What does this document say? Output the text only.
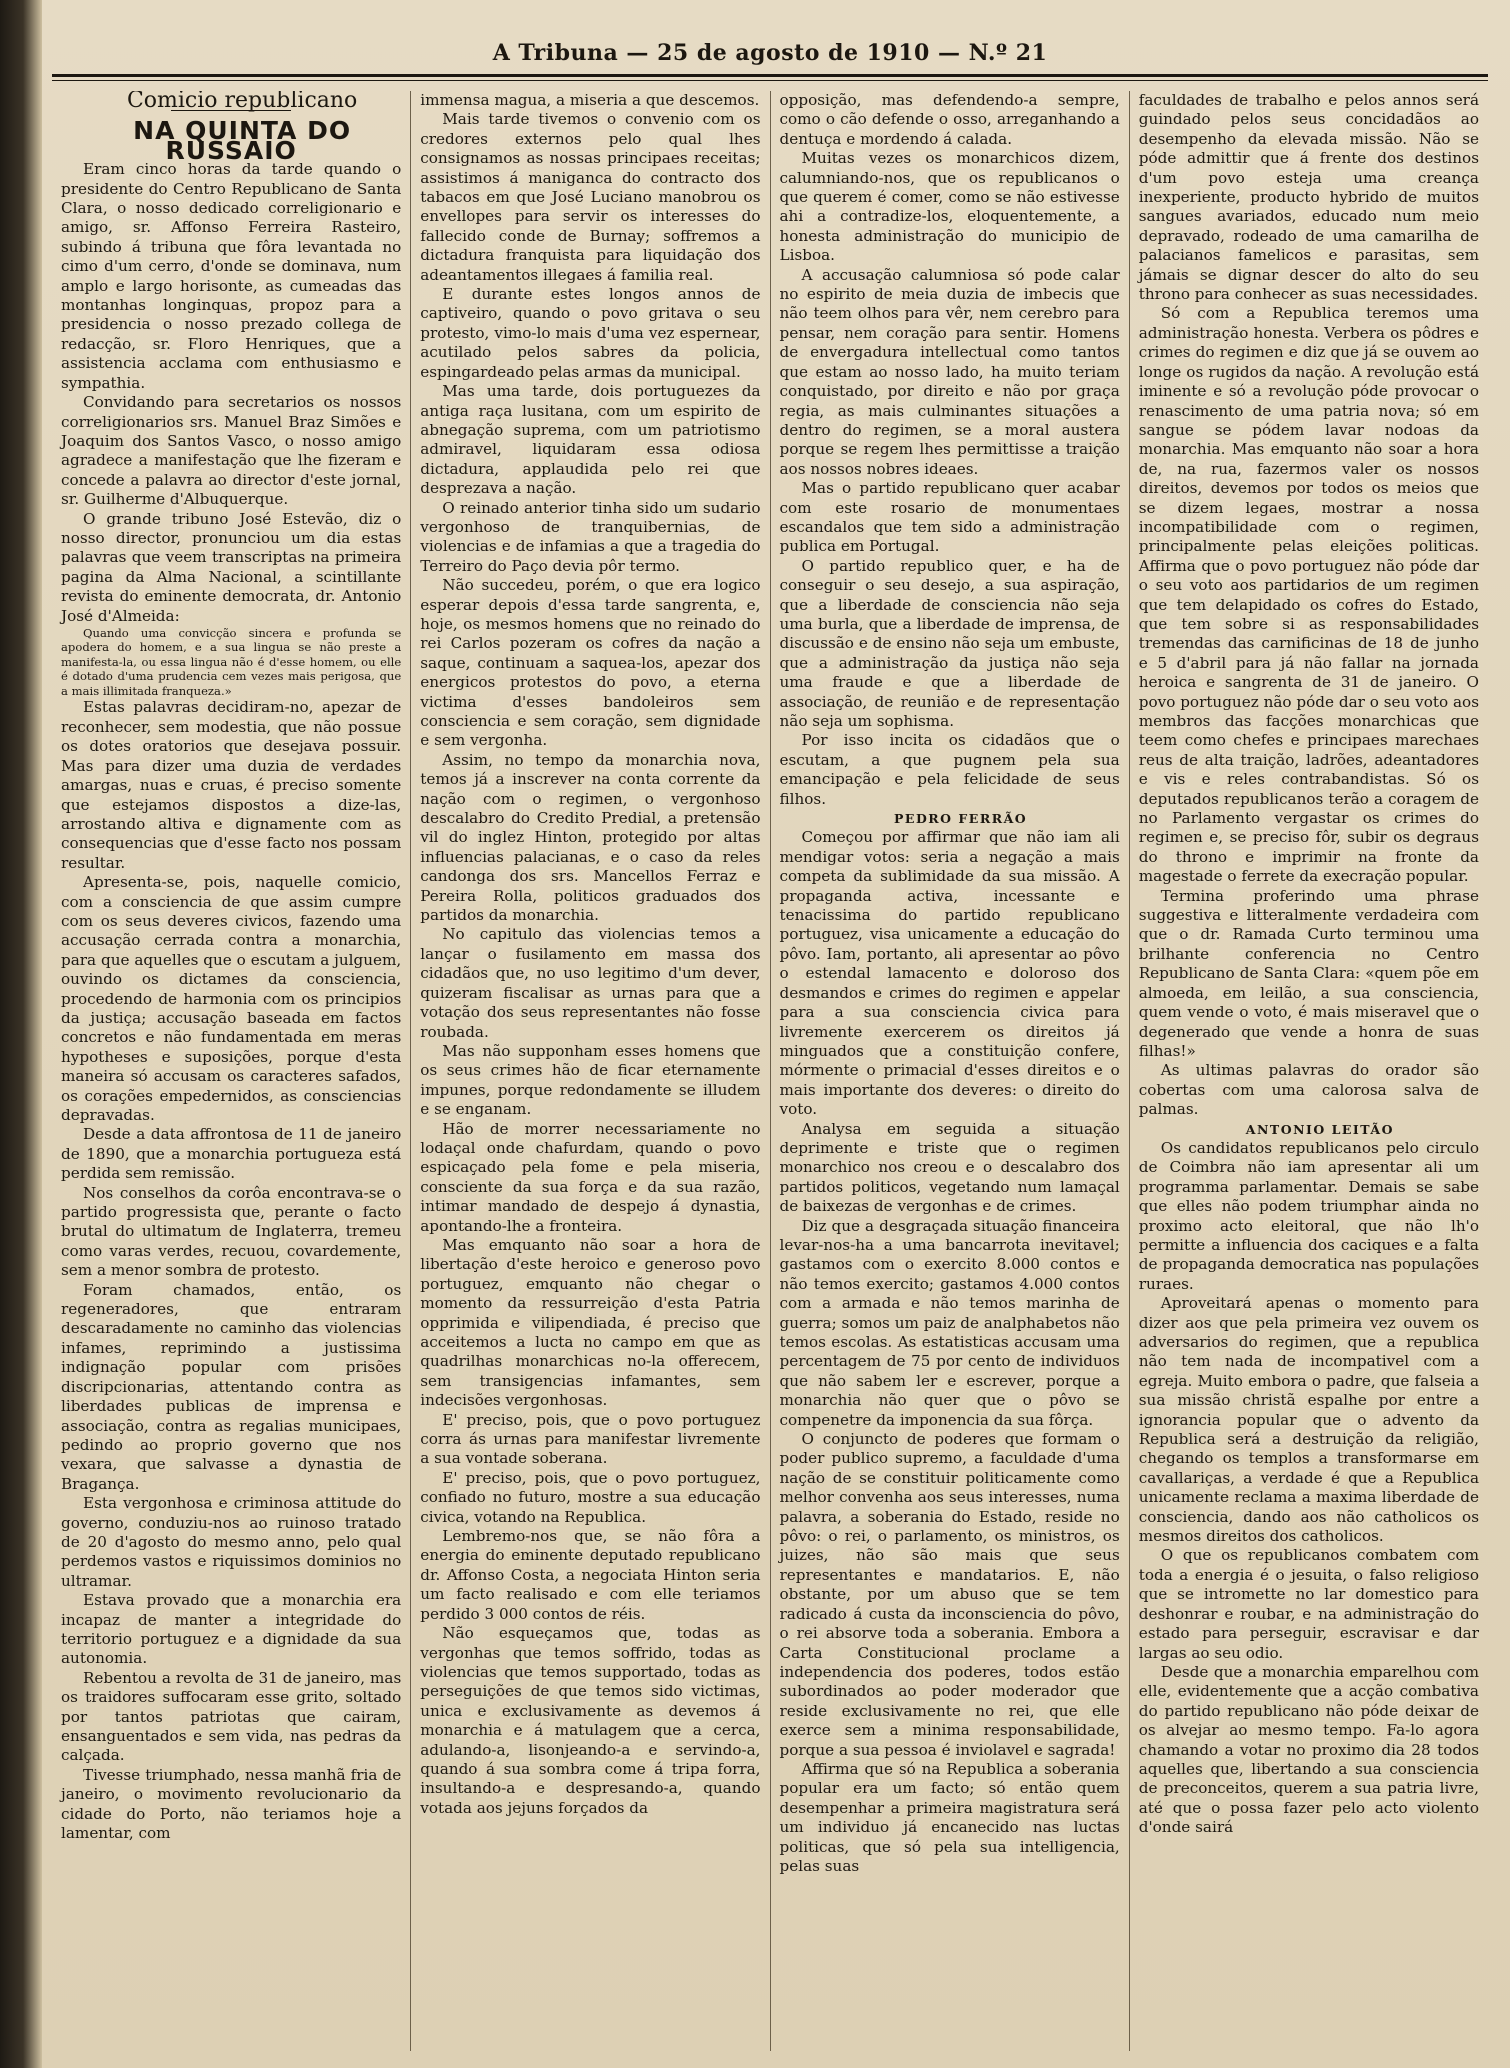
A Tribuna — 25 de agosto de 1910 — N.º 21

Comicio republicano

NA QUINTA DO RUSSAIO

Eram cinco horas da tarde quando o presidente do Centro Republicano de Santa Clara, o nosso dedicado correligionario e amigo, sr. Affonso Ferreira Rasteiro, subindo á tribuna que fôra levantada no cimo d'um cerro, d'onde se dominava, num amplo e largo horisonte, as cumeadas das montanhas longinquas, propoz para a presidencia o nosso prezado collega de redacção, sr. Floro Henriques, que a assistencia acclama com enthusiasmo e sympathia.

Convidando para secretarios os nossos correligionarios srs. Manuel Braz Simões e Joaquim dos Santos Vasco, o nosso amigo agradece a manifestação que lhe fizeram e concede a palavra ao director d'este jornal, sr. Guilherme d'Albuquerque.

O grande tribuno José Estevão, diz o nosso director, pronunciou um dia estas palavras que veem transcriptas na primeira pagina da Alma Nacional, a scintillante revista do eminente democrata, dr. Antonio José d'Almeida:

Quando uma convicção sincera e profunda se apodera do homem, e a sua lingua se não preste a manifesta-la, ou essa lingua não é d'esse homem, ou elle é dotado d'uma prudencia cem vezes mais perigosa, que a mais illimitada franqueza.»

Estas palavras decidiram-no, apezar de reconhecer, sem modestia, que não possue os dotes oratorios que desejava possuir. Mas para dizer uma duzia de verdades amargas, nuas e cruas, é preciso somente que estejamos dispostos a dize-las, arrostando altiva e dignamente com as consequencias que d'esse facto nos possam resultar.

Apresenta-se, pois, naquelle comicio, com a consciencia de que assim cumpre com os seus deveres civicos, fazendo uma accusação cerrada contra a monarchia, para que aquelles que o escutam a julguem, ouvindo os dictames da consciencia, procedendo de harmonia com os principios da justiça; accusação baseada em factos concretos e não fundamentada em meras hypotheses e suposições, porque d'esta maneira só accusam os caracteres safados, os corações empedernidos, as consciencias depravadas.

Desde a data affrontosa de 11 de janeiro de 1890, que a monarchia portugueza está perdida sem remissão.

Nos conselhos da corôa encontrava-se o partido progressista que, perante o facto brutal do ultimatum de Inglaterra, tremeu como varas verdes, recuou, covardemente, sem a menor sombra de protesto.

Foram chamados, então, os regeneradores, que entraram descaradamente no caminho das violencias infames, reprimindo a justissima indignação popular com prisões discripcionarias, attentando contra as liberdades publicas de imprensa e associação, contra as regalias municipaes, pedindo ao proprio governo que nos vexara, que salvasse a dynastia de Bragança.

Esta vergonhosa e criminosa attitude do governo, conduziu-nos ao ruinoso tratado de 20 d'agosto do mesmo anno, pelo qual perdemos vastos e riquissimos dominios no ultramar.

Estava provado que a monarchia era incapaz de manter a integridade do territorio portuguez e a dignidade da sua autonomia.

Rebentou a revolta de 31 de janeiro, mas os traidores suffocaram esse grito, soltado por tantos patriotas que cairam, ensanguentados e sem vida, nas pedras da calçada.

Tivesse triumphado, nessa manhã fria de janeiro, o movimento revolucionario da cidade do Porto, não teriamos hoje a lamentar, com

immensa magua, a miseria a que descemos.

Mais tarde tivemos o convenio com os credores externos pelo qual lhes consignamos as nossas principaes receitas; assistimos á maniganca do contracto dos tabacos em que José Luciano manobrou os envellopes para servir os interesses do fallecido conde de Burnay; soffremos a dictadura franquista para liquidação dos adeantamentos illegaes á familia real.

E durante estes longos annos de captiveiro, quando o povo gritava o seu protesto, vimo-lo mais d'uma vez espernear, acutilado pelos sabres da policia, espingardeado pelas armas da municipal.

Mas uma tarde, dois portuguezes da antiga raça lusitana, com um espirito de abnegação suprema, com um patriotismo admiravel, liquidaram essa odiosa dictadura, applaudida pelo rei que desprezava a nação.

O reinado anterior tinha sido um sudario vergonhoso de tranquibernias, de violencias e de infamias a que a tragedia do Terreiro do Paço devia pôr termo.

Não succedeu, porém, o que era logico esperar depois d'essa tarde sangrenta, e, hoje, os mesmos homens que no reinado do rei Carlos pozeram os cofres da nação a saque, continuam a saquea-los, apezar dos energicos protestos do povo, a eterna victima d'esses bandoleiros sem consciencia e sem coração, sem dignidade e sem vergonha.

Assim, no tempo da monarchia nova, temos já a inscrever na conta corrente da nação com o regimen, o vergonhoso descalabro do Credito Predial, a pretensão vil do inglez Hinton, protegido por altas influencias palacianas, e o caso da reles candonga dos srs. Mancellos Ferraz e Pereira Rolla, politicos graduados dos partidos da monarchia.

No capitulo das violencias temos a lançar o fusilamento em massa dos cidadãos que, no uso legitimo d'um dever, quizeram fiscalisar as urnas para que a votação dos seus representantes não fosse roubada.

Mas não supponham esses homens que os seus crimes hão de ficar eternamente impunes, porque redondamente se illudem e se enganam.

Hão de morrer necessariamente no lodaçal onde chafurdam, quando o povo espicaçado pela fome e pela miseria, consciente da sua força e da sua razão, intimar mandado de despejo á dynastia, apontando-lhe a fronteira.

Mas emquanto não soar a hora de libertação d'este heroico e generoso povo portuguez, emquanto não chegar o momento da ressurreição d'esta Patria opprimida e vilipendiada, é preciso que acceitemos a lucta no campo em que as quadrilhas monarchicas no-la offerecem, sem transigencias infamantes, sem indecisões vergonhosas.

E' preciso, pois, que o povo portuguez corra ás urnas para manifestar livremente a sua vontade soberana.

E' preciso, pois, que o povo portuguez, confiado no futuro, mostre a sua educação civica, votando na Republica.

Lembremo-nos que, se não fôra a energia do eminente deputado republicano dr. Affonso Costa, a negociata Hinton seria um facto realisado e com elle teriamos perdido 3 000 contos de réis.

Não esqueçamos que, todas as vergonhas que temos soffrido, todas as violencias que temos supportado, todas as perseguições de que temos sido victimas, unica e exclusivamente as devemos á monarchia e á matulagem que a cerca, adulando-a, lisonjeando-a e servindo-a, quando á sua sombra come á tripa forra, insultando-a e despresando-a, quando votada aos jejuns forçados da

opposição, mas defendendo-a sempre, como o cão defende o osso, arreganhando a dentuça e mordendo á calada.

Muitas vezes os monarchicos dizem, calumniando-nos, que os republicanos o que querem é comer, como se não estivesse ahi a contradize-los, eloquentemente, a honesta administração do municipio de Lisboa.

A accusação calumniosa só pode calar no espirito de meia duzia de imbecis que não teem olhos para vêr, nem cerebro para pensar, nem coração para sentir. Homens de envergadura intellectual como tantos que estam ao nosso lado, ha muito teriam conquistado, por direito e não por graça regia, as mais culminantes situações a dentro do regimen, se a moral austera porque se regem lhes permittisse a traição aos nossos nobres ideaes.

Mas o partido republicano quer acabar com este rosario de monumentaes escandalos que tem sido a administração publica em Portugal.

O partido republico quer, e ha de conseguir o seu desejo, a sua aspiração, que a liberdade de consciencia não seja uma burla, que a liberdade de imprensa, de discussão e de ensino não seja um embuste, que a administração da justiça não seja uma fraude e que a liberdade de associação, de reunião e de representação não seja um sophisma.

Por isso incita os cidadãos que o escutam, a que pugnem pela sua emancipação e pela felicidade de seus filhos.

PEDRO FERRÃO

Começou por affirmar que não iam ali mendigar votos: seria a negação a mais competa da sublimidade da sua missão. A propaganda activa, incessante e tenacissima do partido republicano portuguez, visa unicamente a educação do pôvo. Iam, portanto, ali apresentar ao pôvo o estendal lamacento e doloroso dos desmandos e crimes do regimen e appelar para a sua consciencia civica para livremente exercerem os direitos já minguados que a constituição confere, mórmente o primacial d'esses direitos e o mais importante dos deveres: o direito do voto.

Analysa em seguida a situação deprimente e triste que o regimen monarchico nos creou e o descalabro dos partidos politicos, vegetando num lamaçal de baixezas de vergonhas e de crimes.

Diz que a desgraçada situação financeira levar-nos-ha a uma bancarrota inevitavel; gastamos com o exercito 8.000 contos e não temos exercito; gastamos 4.000 contos com a armada e não temos marinha de guerra; somos um paiz de analphabetos não temos escolas. As estatisticas accusam uma percentagem de 75 por cento de individuos que não sabem ler e escrever, porque a monarchia não quer que o pôvo se compenetre da imponencia da sua fôrça.

O conjuncto de poderes que formam o poder publico supremo, a faculdade d'uma nação de se constituir politicamente como melhor convenha aos seus interesses, numa palavra, a soberania do Estado, reside no pôvo: o rei, o parlamento, os ministros, os juizes, não são mais que seus representantes e mandatarios. E, não obstante, por um abuso que se tem radicado á custa da inconsciencia do pôvo, o rei absorve toda a soberania. Embora a Carta Constitucional proclame a independencia dos poderes, todos estão subordinados ao poder moderador que reside exclusivamente no rei, que elle exerce sem a minima responsabilidade, porque a sua pessoa é inviolavel e sagrada!

Affirma que só na Republica a soberania popular era um facto; só então quem desempenhar a primeira magistratura será um individuo já encanecido nas luctas politicas, que só pela sua intelligencia, pelas suas

faculdades de trabalho e pelos annos será guindado pelos seus concidadãos ao desempenho da elevada missão. Não se póde admittir que á frente dos destinos d'um povo esteja uma creança inexperiente, producto hybrido de muitos sangues avariados, educado num meio depravado, rodeado de uma camarilha de palacianos famelicos e parasitas, sem jámais se dignar descer do alto do seu throno para conhecer as suas necessidades.

Só com a Republica teremos uma administração honesta. Verbera os pôdres e crimes do regimen e diz que já se ouvem ao longe os rugidos da nação. A revolução está iminente e só a revolução póde provocar o renascimento de uma patria nova; só em sangue se pódem lavar nodoas da monarchia. Mas emquanto não soar a hora de, na rua, fazermos valer os nossos direitos, devemos por todos os meios que se dizem legaes, mostrar a nossa incompatibilidade com o regimen, principalmente pelas eleições politicas. Affirma que o povo portuguez não póde dar o seu voto aos partidarios de um regimen que tem delapidado os cofres do Estado, que tem sobre si as responsabilidades tremendas das carnificinas de 18 de junho e 5 d'abril para já não fallar na jornada heroica e sangrenta de 31 de janeiro. O povo portuguez não póde dar o seu voto aos membros das facções monarchicas que teem como chefes e principaes marechaes reus de alta traição, ladrões, adeantadores e vis e reles contrabandistas. Só os deputados republicanos terão a coragem de no Parlamento vergastar os crimes do regimen e, se preciso fôr, subir os degraus do throno e imprimir na fronte da magestade o ferrete da execração popular.

Termina proferindo uma phrase suggestiva e litteralmente verdadeira com que o dr. Ramada Curto terminou uma brilhante conferencia no Centro Republicano de Santa Clara: «quem põe em almoeda, em leilão, a sua consciencia, quem vende o voto, é mais miseravel que o degenerado que vende a honra de suas filhas!»

As ultimas palavras do orador são cobertas com uma calorosa salva de palmas.

ANTONIO LEITÃO

Os candidatos republicanos pelo circulo de Coimbra não iam apresentar ali um programma parlamentar. Demais se sabe que elles não podem triumphar ainda no proximo acto eleitoral, que não lh'o permitte a influencia dos caciques e a falta de propaganda democratica nas populações ruraes.

Aproveitará apenas o momento para dizer aos que pela primeira vez ouvem os adversarios do regimen, que a republica não tem nada de incompativel com a egreja. Muito embora o padre, que falseia a sua missão christã espalhe por entre a ignorancia popular que o advento da Republica será a destruição da religião, chegando os templos a transformarse em cavallariças, a verdade é que a Republica unicamente reclama a maxima liberdade de consciencia, dando aos não catholicos os mesmos direitos dos catholicos.

O que os republicanos combatem com toda a energia é o jesuita, o falso religioso que se intromette no lar domestico para deshonrar e roubar, e na administração do estado para perseguir, escravisar e dar largas ao seu odio.

Desde que a monarchia emparelhou com elle, evidentemente que a acção combativa do partido republicano não póde deixar de os alvejar ao mesmo tempo. Fa-lo agora chamando a votar no proximo dia 28 todos aquelles que, libertando a sua consciencia de preconceitos, querem a sua patria livre, até que o possa fazer pelo acto violento d'onde sairá
